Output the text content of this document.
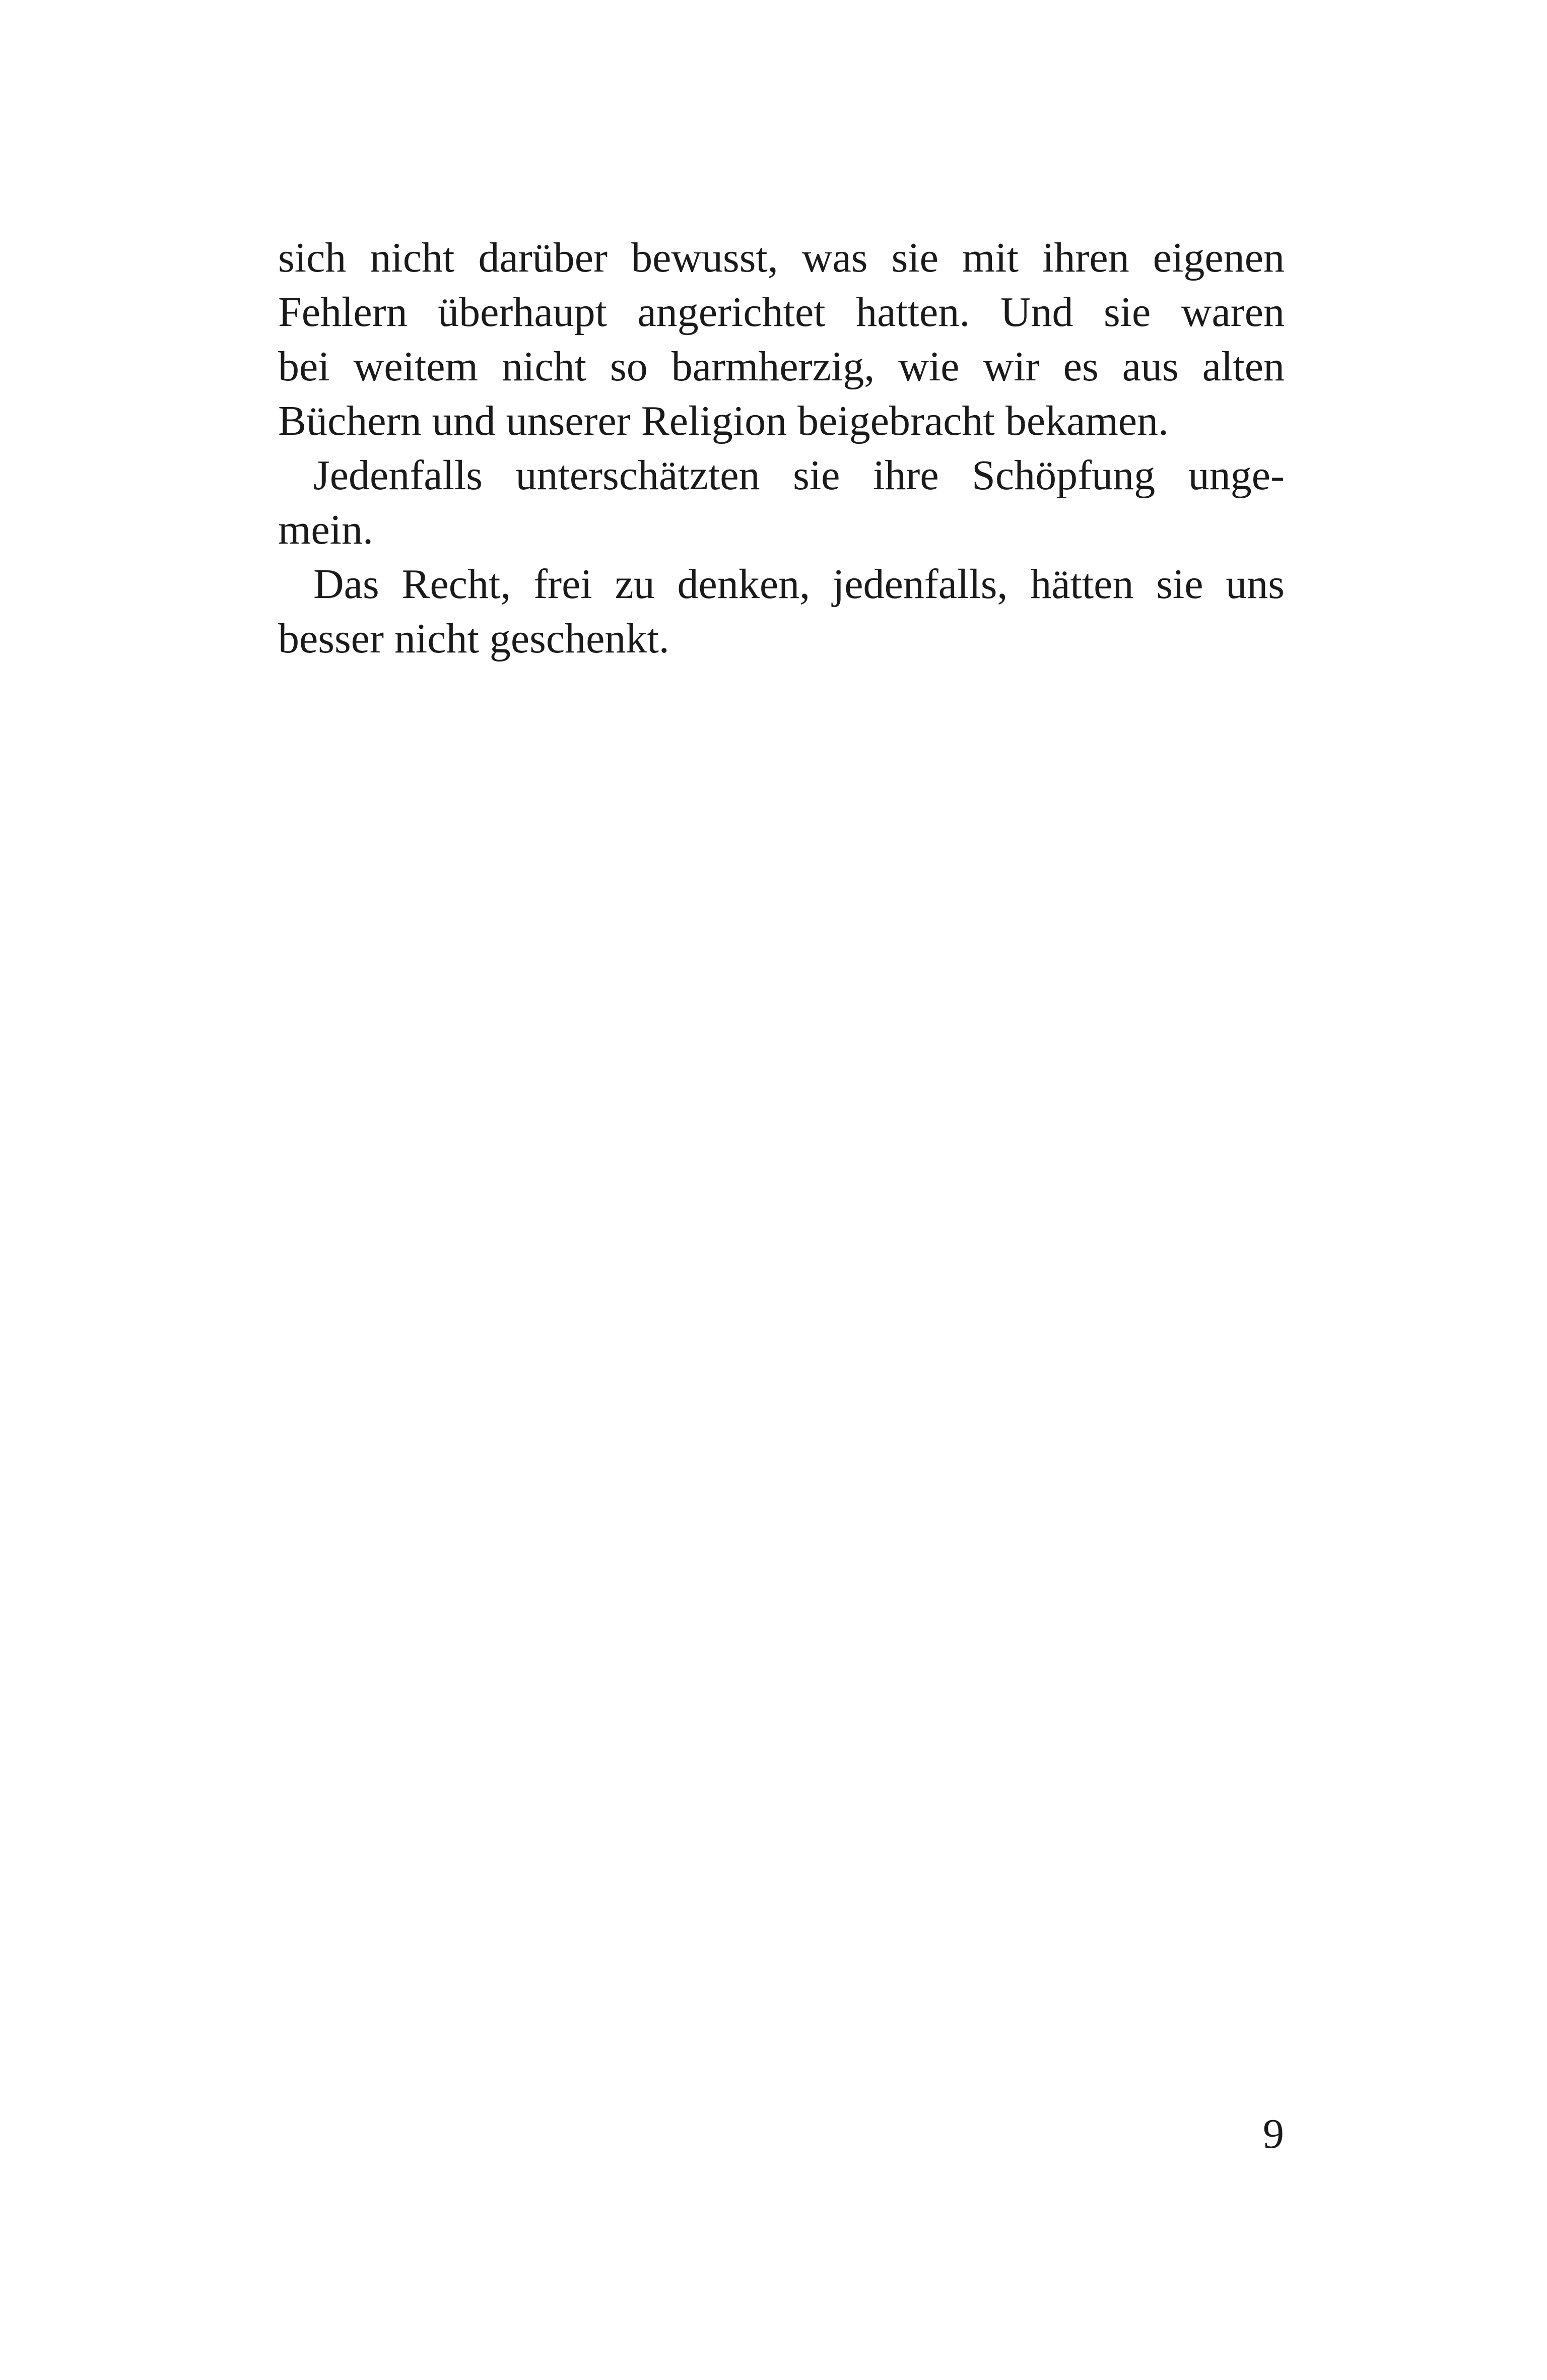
sich nicht darüber bewusst, was sie mit ihren eigenen
Fehlern überhaupt angerichtet hatten. Und sie waren
bei weitem nicht so barmherzig, wie wir es aus alten
Büchern und unserer Religion beigebracht bekamen.
Jedenfalls unterschätzten sie ihre Schöpfung unge-
mein.
Das Recht, frei zu denken, jedenfalls, hätten sie uns
besser nicht geschenkt.
9
